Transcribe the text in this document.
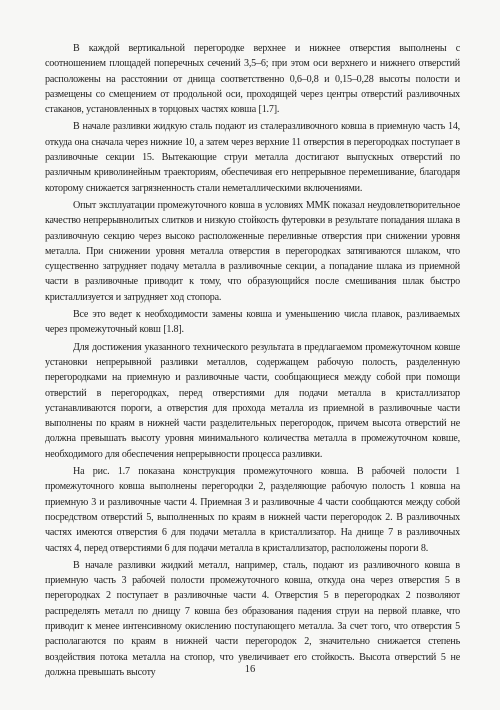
В каждой вертикальной перегородке верхнее и нижнее отверстия выполнены с соотношением площадей поперечных сечений 3,5–6; при этом оси верхнего и нижнего отверстий расположены на расстоянии от днища соответственно 0,6–0,8 и 0,15–0,28 высоты полости и размещены со смещением от продольной оси, проходящей через центры отверстий разливочных стаканов, установленных в торцовых частях ковша [1.7].

В начале разливки жидкую сталь подают из сталеразливочного ковша в приемную часть 14, откуда она сначала через нижние 10, а затем через верхние 11 отверстия в перегородках поступает в разливочные секции 15. Вытекающие струи металла достигают выпускных отверстий по различным криволинейным траекториям, обеспечивая его непрерывное перемешивание, благодаря которому снижается загрязненность стали неметаллическими включениями.

Опыт эксплуатации промежуточного ковша в условиях ММК показал неудовлетворительное качество непрерывнолитых слитков и низкую стойкость футеровки в результате попадания шлака в разливочную секцию через высоко расположенные переливные отверстия при снижении уровня металла. При снижении уровня металла отверстия в перегородках затягиваются шлаком, что существенно затрудняет подачу металла в разливочные секции, а попадание шлака из приемной части в разливочные приводит к тому, что образующийся после смешивания шлак быстро кристаллизуется и затрудняет ход стопора.

Все это ведет к необходимости замены ковша и уменьшению числа плавок, разливаемых через промежуточный ковш [1.8].

Для достижения указанного технического результата в предлагаемом промежуточном ковше установки непрерывной разливки металлов, содержащем рабочую полость, разделенную перегородками на приемную и разливочные части, сообщающиеся между собой при помощи отверстий в перегородках, перед отверстиями для подачи металла в кристаллизатор устанавливаются пороги, а отверстия для прохода металла из приемной в разливочные части выполнены по краям в нижней части разделительных перегородок, причем высота отверстий не должна превышать высоту уровня минимального количества металла в промежуточном ковше, необходимого для обеспечения непрерывности процесса разливки.

На рис. 1.7 показана конструкция промежуточного ковша. В рабочей полости 1 промежуточного ковша выполнены перегородки 2, разделяющие рабочую полость 1 ковша на приемную 3 и разливочные части 4. Приемная 3 и разливочные 4 части сообщаются между собой посредством отверстий 5, выполненных по краям в нижней части перегородок 2. В разливочных частях имеются отверстия 6 для подачи металла в кристаллизатор. На днище 7 в разливочных частях 4, перед отверстиями 6 для подачи металла в кристаллизатор, расположены пороги 8.

В начале разливки жидкий металл, например, сталь, подают из разливочного ковша в приемную часть 3 рабочей полости промежуточного ковша, откуда она через отверстия 5 в перегородках 2 поступает в разливочные части 4. Отверстия 5 в перегородках 2 позволяют распределять металл по днищу 7 ковша без образования падения струи на первой плавке, что приводит к менее интенсивному окислению поступающего металла. За счет того, что отверстия 5 располагаются по краям в нижней части перегородок 2, значительно снижается степень воздействия потока металла на стопор, что увеличивает его стойкость. Высота отверстий 5 не должна превышать высоту	16
